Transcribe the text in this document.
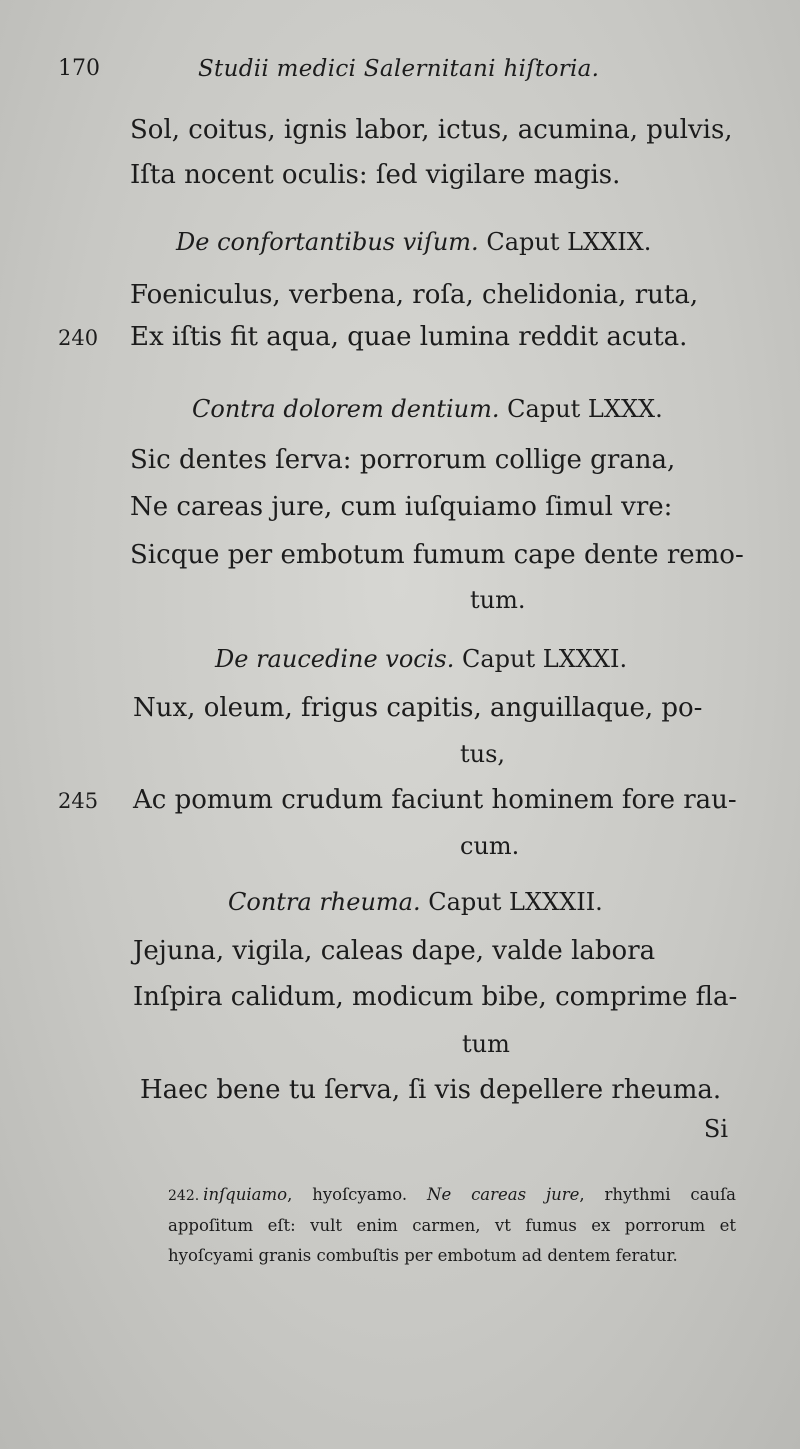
170	Studii medici Salernitani hiſtoria.
Sol, coitus, ignis labor, ictus, acumina, pulvis,
Iſta nocent oculis: ſed vigilare magis.
De confortantibus viſum. Caput LXXIX.
Foeniculus, verbena, roſa, chelidonia, ruta,
240 Ex iſtis fit aqua, quae lumina reddit acuta.
Contra dolorem dentium. Caput LXXX.
Sic dentes ſerva: porrorum collige grana,
Ne careas jure, cum iuſquiamo ſimul vre:
Sicque per embotum fumum cape dente remo-
tum.
De raucedine vocis. Caput LXXXI.
Nux, oleum, frigus capitis, anguillaque, po-
tus,
245 Ac pomum crudum faciunt hominem fore rau-
cum.
Contra rheuma. Caput LXXXII.
Jejuna, vigila, caleas dape, valde labora
Inſpira calidum, modicum bibe, comprime fla-
tum
Haec bene tu ſerva, ſi vis depellere rheuma.
Si
242. inſquiamo, hyoſcyamo. Ne careas jure, rhythmi cauſa appoſitum eſt: vult enim carmen, vt fumus ex porrorum et hyoſcyami granis combuſtis per embotum ad dentem feratur.
